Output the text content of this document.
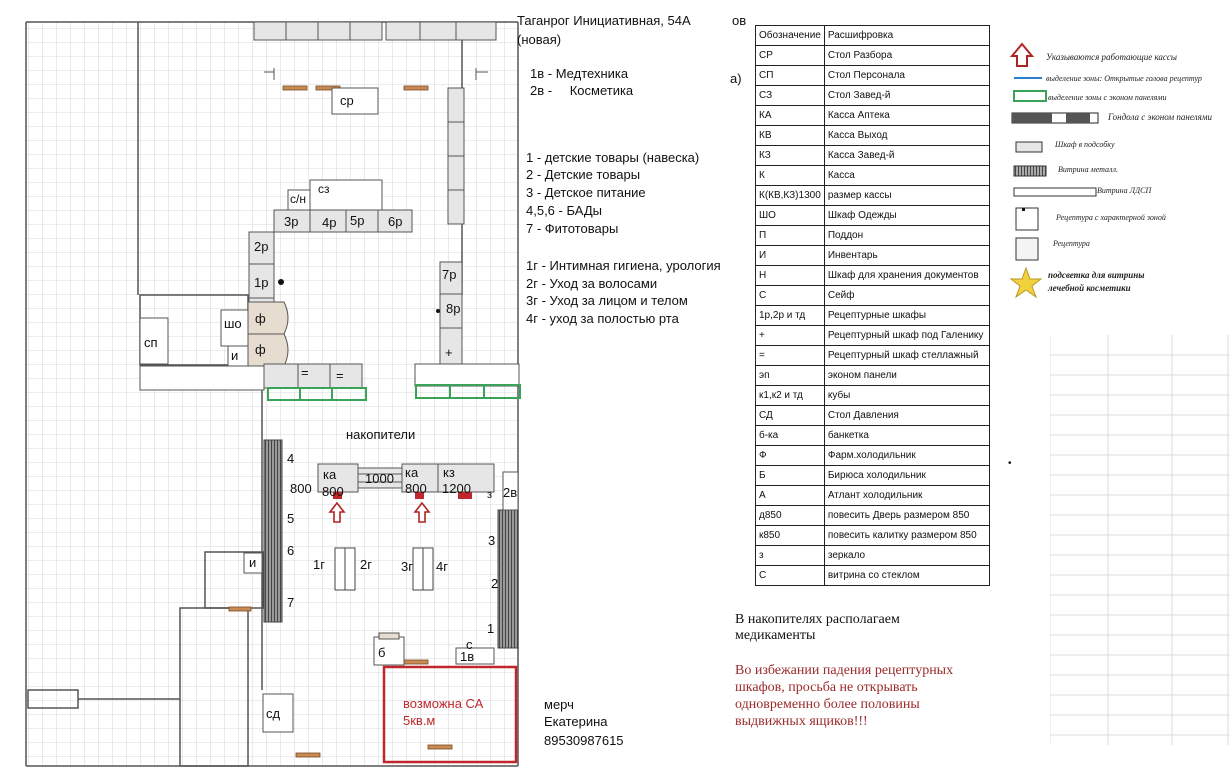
ср
с/н
сз
3р 4р 5р 6р
2р
1р
7р
8р
+
ф
ф
шо
и
сп
= =
накопители
4
800
5
6
7
ка
800
1000 ка
800
кз
1200 з 2в
3
2
1
1г	2г 3г 4г
и
б
с
1в
сд
возможна СА
5кв.м
Таганрог Инициативная, 54А
(новая)
ов
а)
1в - Медтехника
2в - Косметика
1 - детские товары (навеска)
2 - Детские товары
3 - Детское питание
4,5,6 - БАДы
7 - Фитотовары
1г - Интимная гигиена, урология
2г - Уход за волосами
3г - Уход за лицом и телом
4г - уход за полостью рта
мерч
Екатерина
89530987615
Обозначение	Расшифровка
СР	Стол Разбора
СП	Стол Персонала
СЗ	Стол Завед-й
КА	Касса Аптека
КВ	Касса Выход
КЗ	Касса Завед-й
К	Касса
К(КВ,КЗ)1300	размер кассы
ШО	Шкаф Одежды
П	Поддон
И	Инвентарь
Н	Шкаф для хранения документов
С	Сейф
1р,2р и тд	Рецептурные шкафы
+	Рецептурный шкаф под Галенику
=	Рецептурный шкаф стеллажный
эп	эконом панели
к1,к2 и тд	кубы
СД	Стол Давления
б-ка	банкетка
Ф	Фарм.холодильник
Б	Бирюса холодильник
А	Атлант холодильник
д850	повесить Дверь размером 850
к850	повесить калитку размером 850
з	зеркало
С	витрина со стеклом
Указываются работающие кассы
выделение зоны: Открытые голова рецептур
выделение зоны с эконом панелями
Гондола с эконом панелями
Шкаф в подсобку
Витрина металл.
Витрина ЛДСП
Рецептура с характерной зоной
Рецептура
подсветка для витрины
лечебной косметики
•
В накопителях располагаем
медикаменты
Во избежании падения рецептурных
шкафов, просьба не открывать
одновременно более половины
выдвижных ящиков!!!
